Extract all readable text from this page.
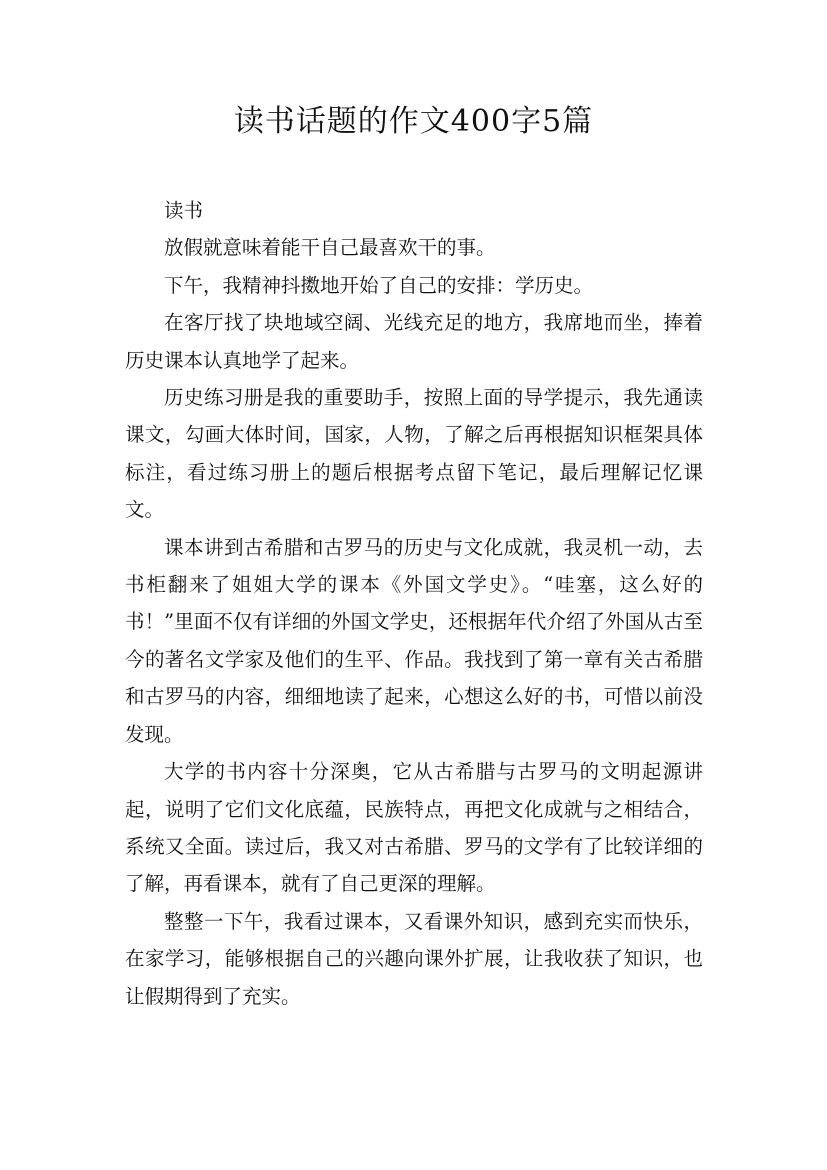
读书话题的作文400字5篇

读书

放假就意味着能干自己最喜欢干的事。

下午，我精神抖擞地开始了自己的安排：学历史。

在客厅找了块地域空阔、光线充足的地方，我席地而坐，捧着历史课本认真地学了起来。

历史练习册是我的重要助手，按照上面的导学提示，我先通读课文，勾画大体时间，国家，人物，了解之后再根据知识框架具体标注，看过练习册上的题后根据考点留下笔记，最后理解记忆课文。

课本讲到古希腊和古罗马的历史与文化成就，我灵机一动，去书柜翻来了姐姐大学的课本《外国文学史》。“哇塞，这么好的书！”里面不仅有详细的外国文学史，还根据年代介绍了外国从古至今的著名文学家及他们的生平、作品。我找到了第一章有关古希腊和古罗马的内容，细细地读了起来，心想这么好的书，可惜以前没发现。

大学的书内容十分深奥，它从古希腊与古罗马的文明起源讲起，说明了它们文化底蕴，民族特点，再把文化成就与之相结合，系统又全面。读过后，我又对古希腊、罗马的文学有了比较详细的了解，再看课本，就有了自己更深的理解。

整整一下午，我看过课本，又看课外知识，感到充实而快乐，在家学习，能够根据自己的兴趣向课外扩展，让我收获了知识，也让假期得到了充实。
